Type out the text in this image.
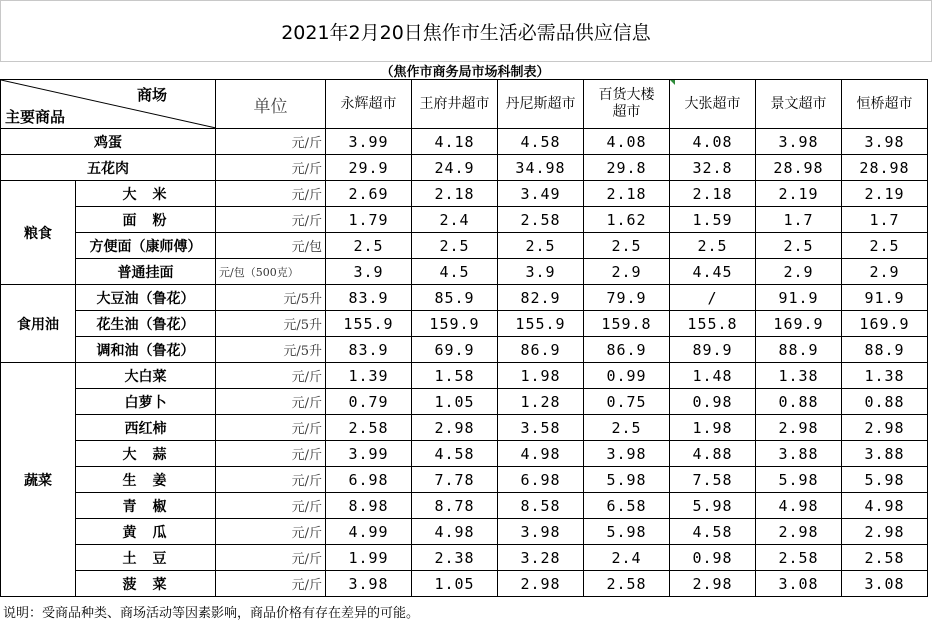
2021年2月20日焦作市生活必需品供应信息
（焦作市商务局市场科制表）
商场
主要商品		单位	永辉超市	王府井超市	丹尼斯超市	百货大楼超市	大张超市	景文超市	恒桥超市
鸡蛋		元/斤	3.99	4.18	4.58	4.08	4.08	3.98	3.98
五花肉		元/斤	29.9	24.9	34.98	29.8	32.8	28.98	28.98
粮食	大米	元/斤	2.69	2.18	3.49	2.18	2.18	2.19	2.19
	面粉	元/斤	1.79	2.4	2.58	1.62	1.59	1.7	1.7
	方便面（康师傅）	元/包	2.5	2.5	2.5	2.5	2.5	2.5	2.5
	普通挂面	元/包（500克）	3.9	4.5	3.9	2.9	4.45	2.9	2.9
食用油	大豆油（鲁花）	元/5升	83.9	85.9	82.9	79.9	/	91.9	91.9
	花生油（鲁花）	元/5升	155.9	159.9	155.9	159.8	155.8	169.9	169.9
	调和油（鲁花）	元/5升	83.9	69.9	86.9	86.9	89.9	88.9	88.9
蔬菜	大白菜	元/斤	1.39	1.58	1.98	0.99	1.48	1.38	1.38
	白萝卜	元/斤	0.79	1.05	1.28	0.75	0.98	0.88	0.88
	西红柿	元/斤	2.58	2.98	3.58	2.5	1.98	2.98	2.98
	大蒜	元/斤	3.99	4.58	4.98	3.98	4.88	3.88	3.88
	生姜	元/斤	6.98	7.78	6.98	5.98	7.58	5.98	5.98
	青椒	元/斤	8.98	8.78	8.58	6.58	5.98	4.98	4.98
	黄瓜	元/斤	4.99	4.98	3.98	5.98	4.58	2.98	2.98
	土豆	元/斤	1.99	2.38	3.28	2.4	0.98	2.58	2.58
	菠菜	元/斤	3.98	1.05	2.98	2.58	2.98	3.08	3.08
说明：受商品种类、商场活动等因素影响，商品价格有存在差异的可能。
